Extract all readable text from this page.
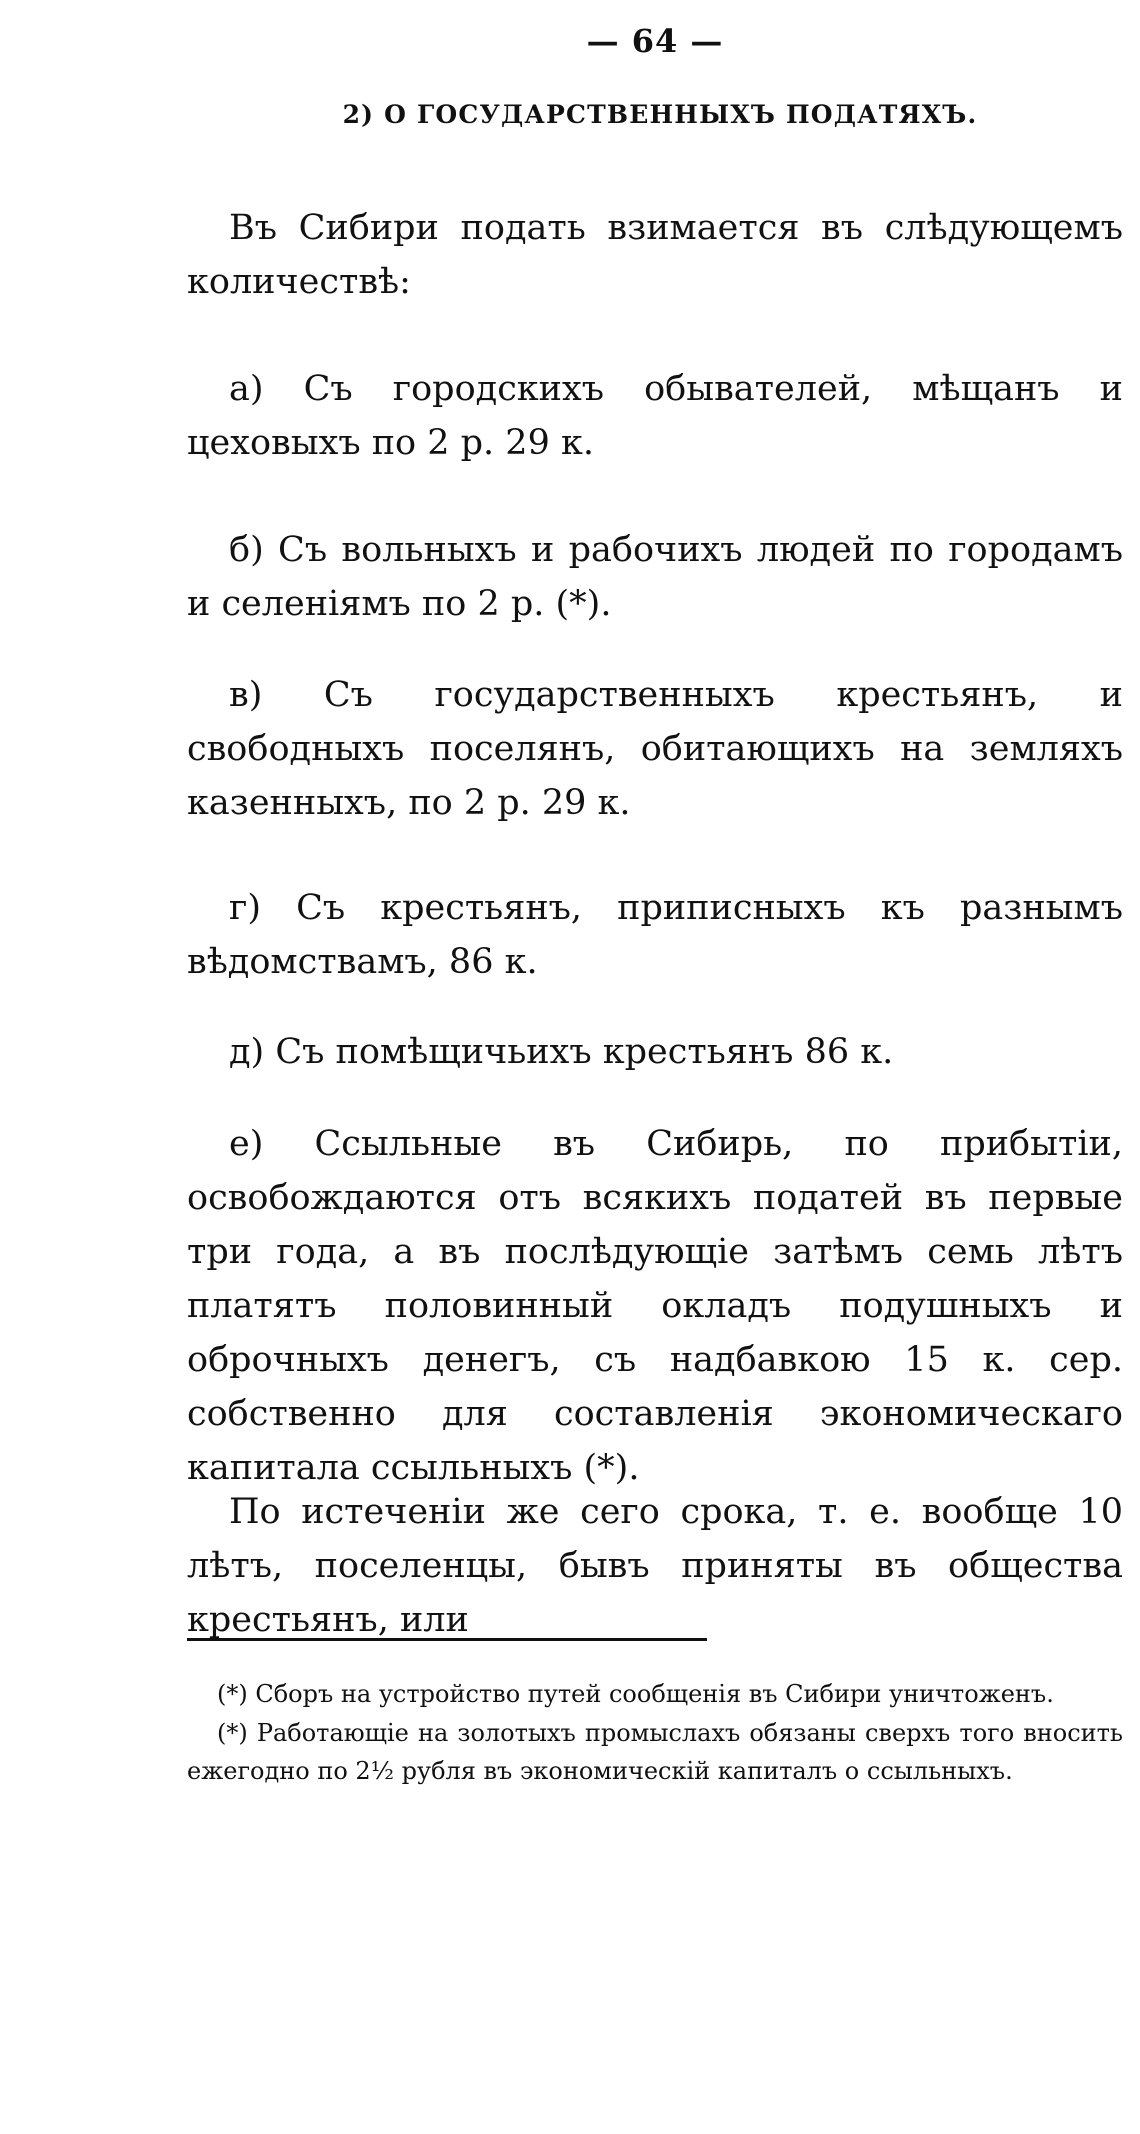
— 64 —
2) О ГОСУДАРСТВЕННЫХЪ ПОДАТЯХЪ.

Въ Сибири подать взимается въ слѣдующемъ количествѣ:

а) Съ городскихъ обывателей, мѣщанъ и цеховыхъ по 2 р. 29 к.

б) Съ вольныхъ и рабочихъ людей по городамъ и селеніямъ по 2 р. (*).

в) Съ государственныхъ крестьянъ, и свободныхъ поселянъ, обитающихъ на земляхъ казенныхъ, по 2 р. 29 к.

г) Съ крестьянъ, приписныхъ къ разнымъ вѣдомствамъ, 86 к.

д) Съ помѣщичьихъ крестьянъ 86 к.

е) Ссыльные въ Сибирь, по прибытіи, освобождаются отъ всякихъ податей въ первые три года, а въ послѣдующіе затѣмъ семь лѣтъ платятъ половинный окладъ подушныхъ и оброчныхъ денегъ, съ надбавкою 15 к. сер. собственно для составленія экономическаго капитала ссыльныхъ (*).

По истеченіи же сего срока, т. е. вообще 10 лѣтъ, поселенцы, бывъ приняты въ общества крестьянъ, или

(*) Сборъ на устройство путей сообщенія въ Сибири уничтоженъ.

(*) Работающіе на золотыхъ промыслахъ обязаны сверхъ того вносить ежегодно по 2½ рубля въ экономическій капиталъ о ссыльныхъ.
